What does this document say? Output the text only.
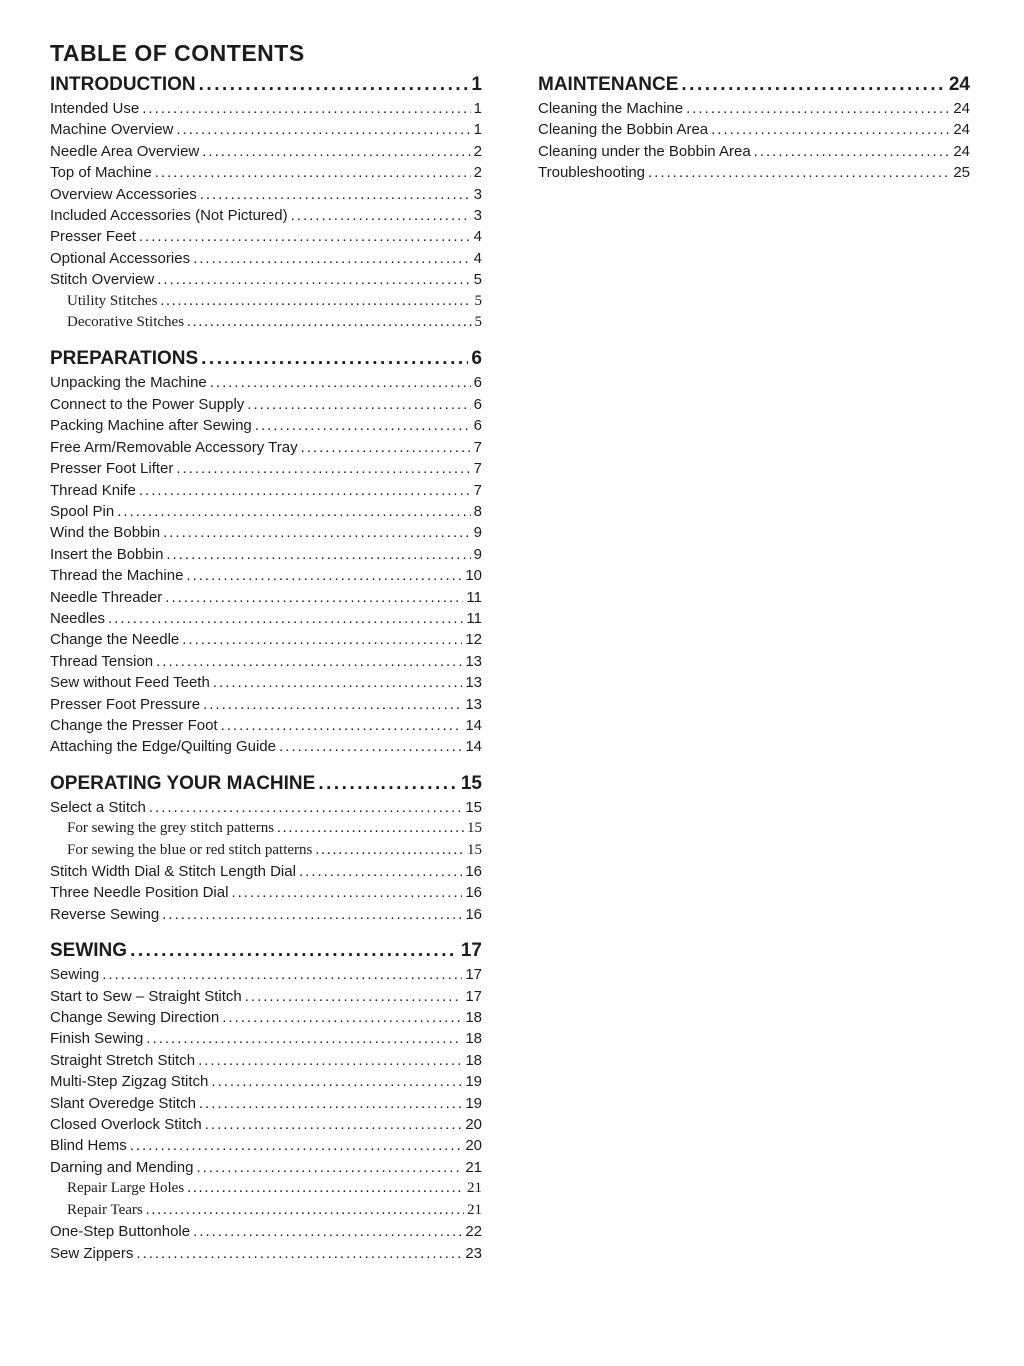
TABLE OF CONTENTS
INTRODUCTION .....	1
Intended Use .....	1
Machine Overview .....	1
Needle Area Overview .....	2
Top of Machine .....	2
Overview Accessories .....	3
Included Accessories (Not Pictured) .....	3
Presser Feet .....	4
Optional Accessories .....	4
Stitch Overview .....	5
Utility Stitches .....	5
Decorative Stitches .....	5
PREPARATIONS .....	6
Unpacking the Machine .....	6
Connect to the Power Supply .....	6
Packing Machine after Sewing .....	6
Free Arm/Removable Accessory Tray .....	7
Presser Foot Lifter .....	7
Thread Knife .....	7
Spool Pin .....	8
Wind the Bobbin .....	9
Insert the Bobbin .....	9
Thread the Machine .....	10
Needle Threader .....	11
Needles .....	11
Change the Needle .....	12
Thread Tension .....	13
Sew without Feed Teeth .....	13
Presser Foot Pressure .....	13
Change the Presser Foot .....	14
Attaching the Edge/Quilting Guide .....	14
OPERATING YOUR MACHINE .....	15
Select a Stitch .....	15
For sewing the grey stitch patterns .....	15
For sewing the blue or red stitch patterns .....	15
Stitch Width Dial & Stitch Length Dial .....	16
Three Needle Position Dial .....	16
Reverse Sewing .....	16
SEWING .....	17
Sewing .....	17
Start to Sew – Straight Stitch .....	17
Change Sewing Direction .....	18
Finish Sewing .....	18
Straight Stretch Stitch .....	18
Multi-Step Zigzag Stitch .....	19
Slant Overedge Stitch .....	19
Closed Overlock Stitch .....	20
Blind Hems .....	20
Darning and Mending .....	21
Repair Large Holes .....	21
Repair Tears .....	21
One-Step Buttonhole .....	22
Sew Zippers .....	23
MAINTENANCE .....	24
Cleaning the Machine .....	24
Cleaning the Bobbin Area .....	24
Cleaning under the Bobbin Area .....	24
Troubleshooting .....	25
